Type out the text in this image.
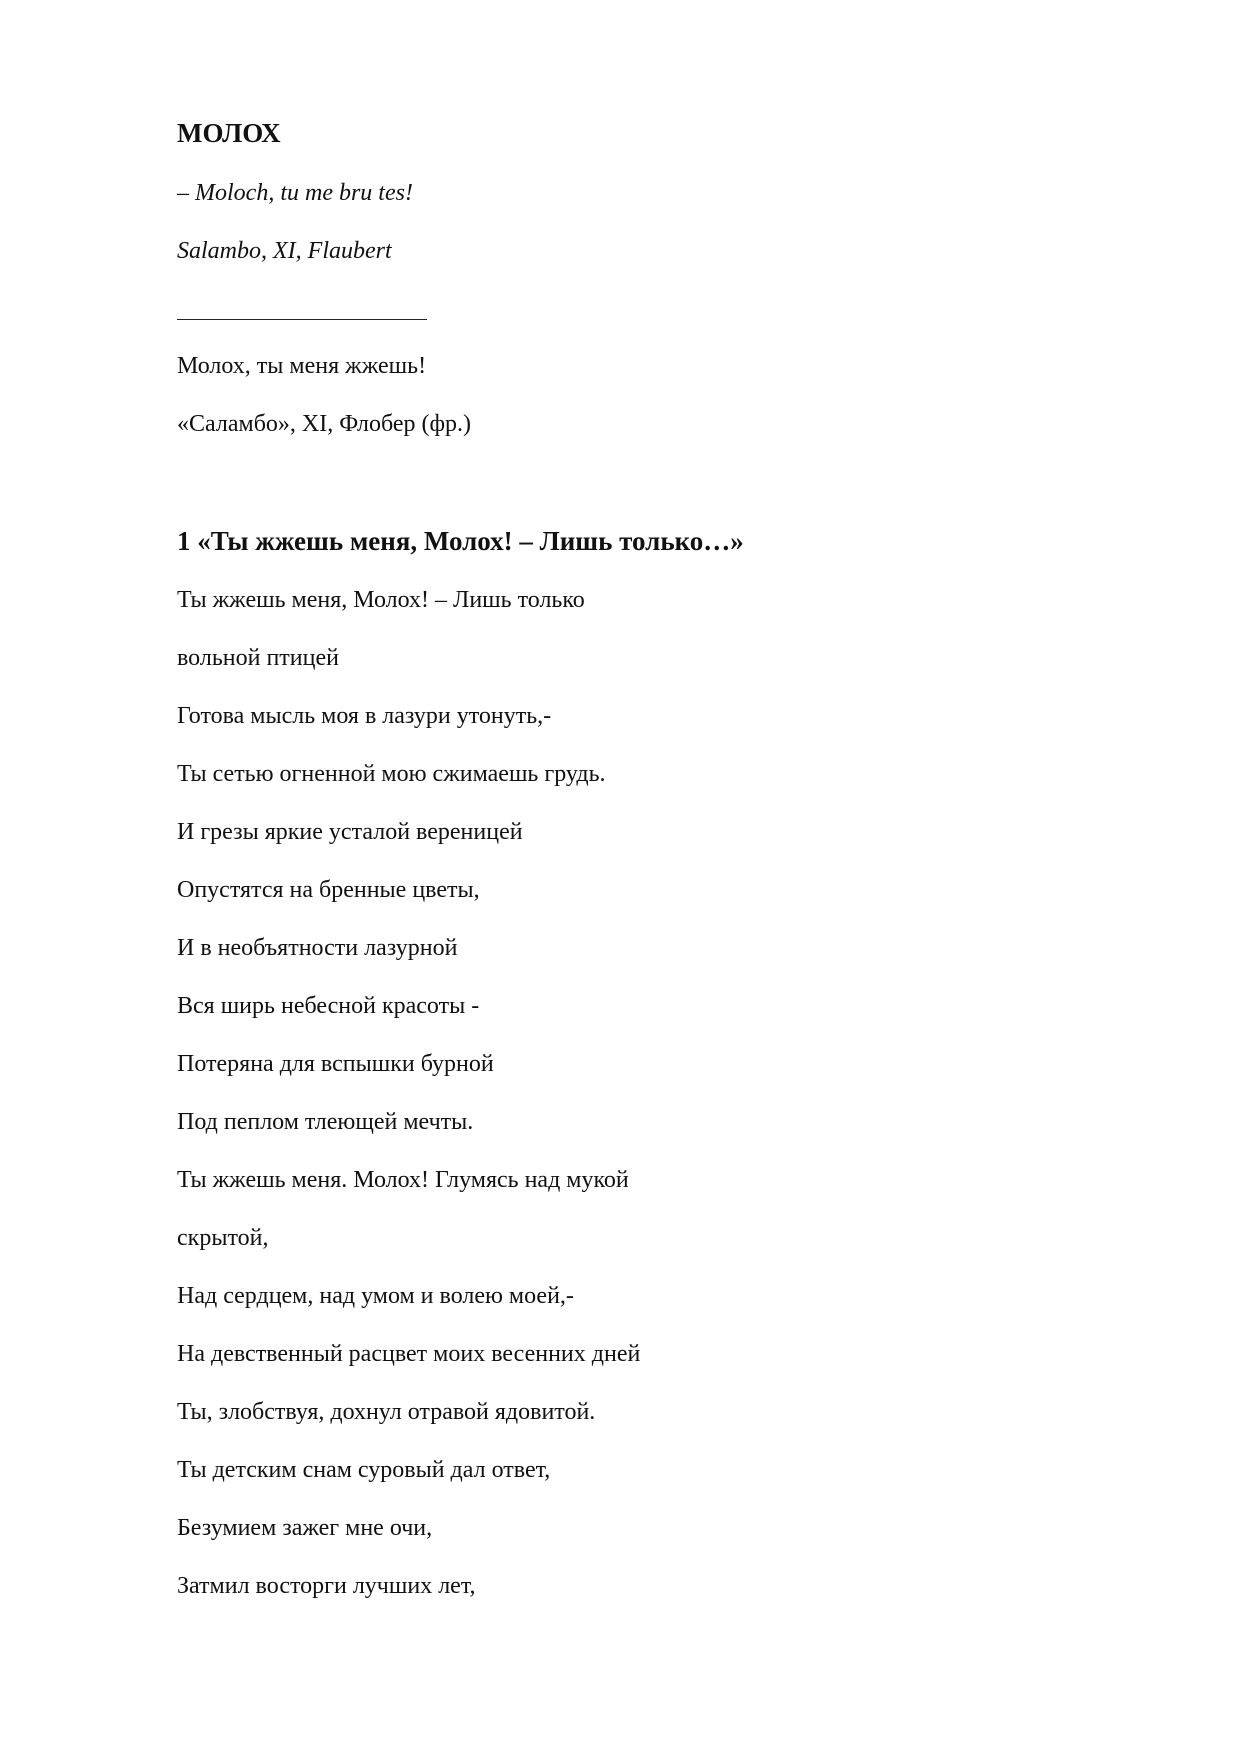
МОЛОХ
– Moloch, tu me bru tes!
Salambo, XI, Flaubert
Молох, ты меня жжешь!
«Саламбо», XI, Флобер (фр.)
1 «Ты жжешь меня, Молох! – Лишь только…»
Ты жжешь меня, Молох! – Лишь только
вольной птицей
Готова мысль моя в лазури утонуть,-
Ты сетью огненной мою сжимаешь грудь.
И грезы яркие усталой вереницей
Опустятся на бренные цветы,
И в необъятности лазурной
Вся ширь небесной красоты -
Потеряна для вспышки бурной
Под пеплом тлеющей мечты.
Ты жжешь меня. Молох! Глумясь над мукой
скрытой,
Над сердцем, над умом и волею моей,-
На девственный расцвет моих весенних дней
Ты, злобствуя, дохнул отравой ядовитой.
Ты детским снам суровый дал ответ,
Безумием зажег мне очи,
Затмил восторги лучших лет,
